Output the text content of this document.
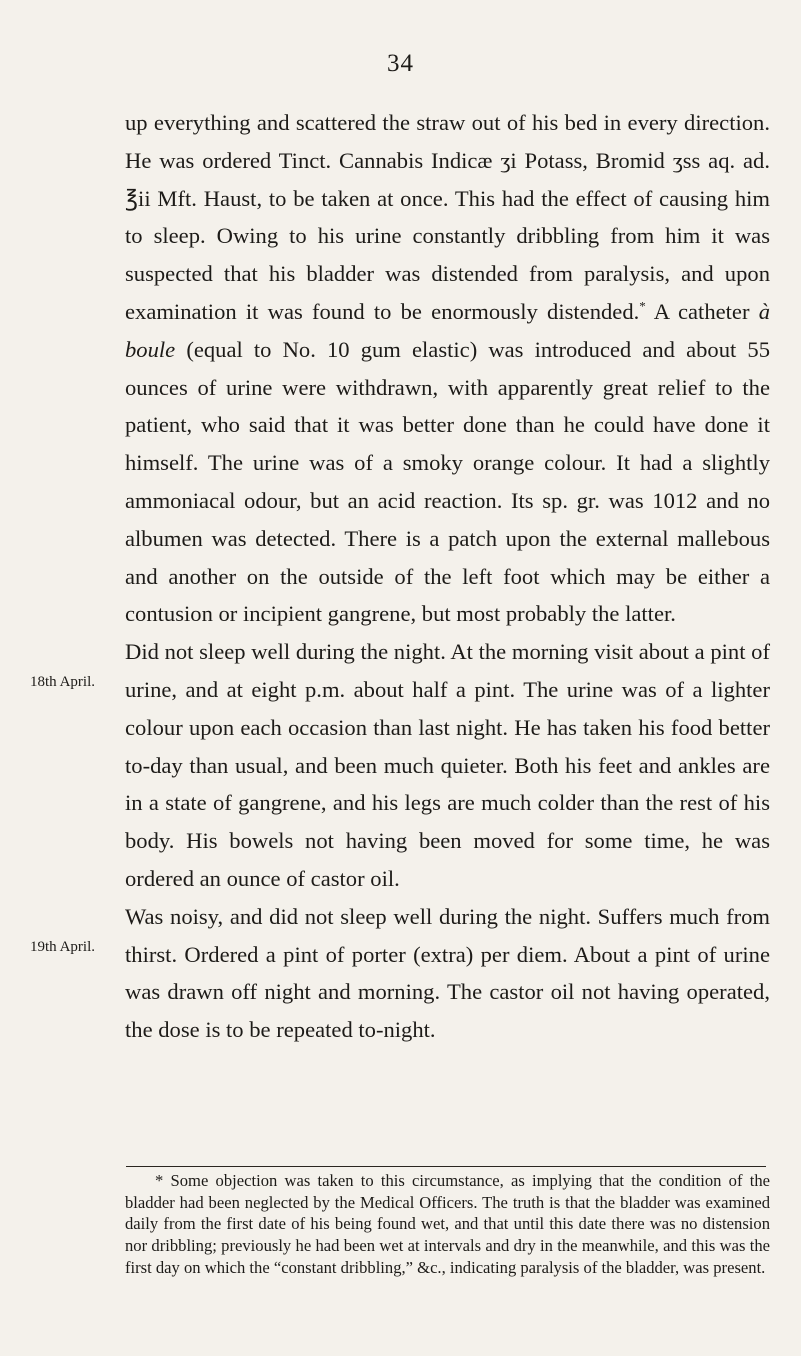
34
18th April.
19th April.

up everything and scattered the straw out of his bed in every direction. He was ordered Tinct. Cannabis Indicæ ʒi Potass, Bromid ʒss aq. ad. ℥ii Mft. Haust, to be taken at once. This had the effect of causing him to sleep. Owing to his urine constantly dribbling from him it was suspected that his bladder was distended from paralysis, and upon examination it was found to be enormously distended.* A catheter à boule (equal to No. 10 gum elastic) was introduced and about 55 ounces of urine were withdrawn, with apparently great relief to the patient, who said that it was better done than he could have done it himself. The urine was of a smoky orange colour. It had a slightly ammoniacal odour, but an acid reaction. Its sp. gr. was 1012 and no albumen was detected. There is a patch upon the external mallebous and another on the outside of the left foot which may be either a contusion or incipient gangrene, but most probably the latter.

Did not sleep well during the night. At the morning visit about a pint of urine, and at eight p.m. about half a pint. The urine was of a lighter colour upon each occasion than last night. He has taken his food better to-day than usual, and been much quieter. Both his feet and ankles are in a state of gangrene, and his legs are much colder than the rest of his body. His bowels not having been moved for some time, he was ordered an ounce of castor oil.

Was noisy, and did not sleep well during the night. Suffers much from thirst. Ordered a pint of porter (extra) per diem. About a pint of urine was drawn off night and morning. The castor oil not having operated, the dose is to be repeated to-night.

* Some objection was taken to this circumstance, as implying that the condition of the bladder had been neglected by the Medical Officers. The truth is that the bladder was examined daily from the first date of his being found wet, and that until this date there was no distension nor dribbling; previously he had been wet at intervals and dry in the meanwhile, and this was the first day on which the “constant dribbling,” &c., indicating paralysis of the bladder, was present.
